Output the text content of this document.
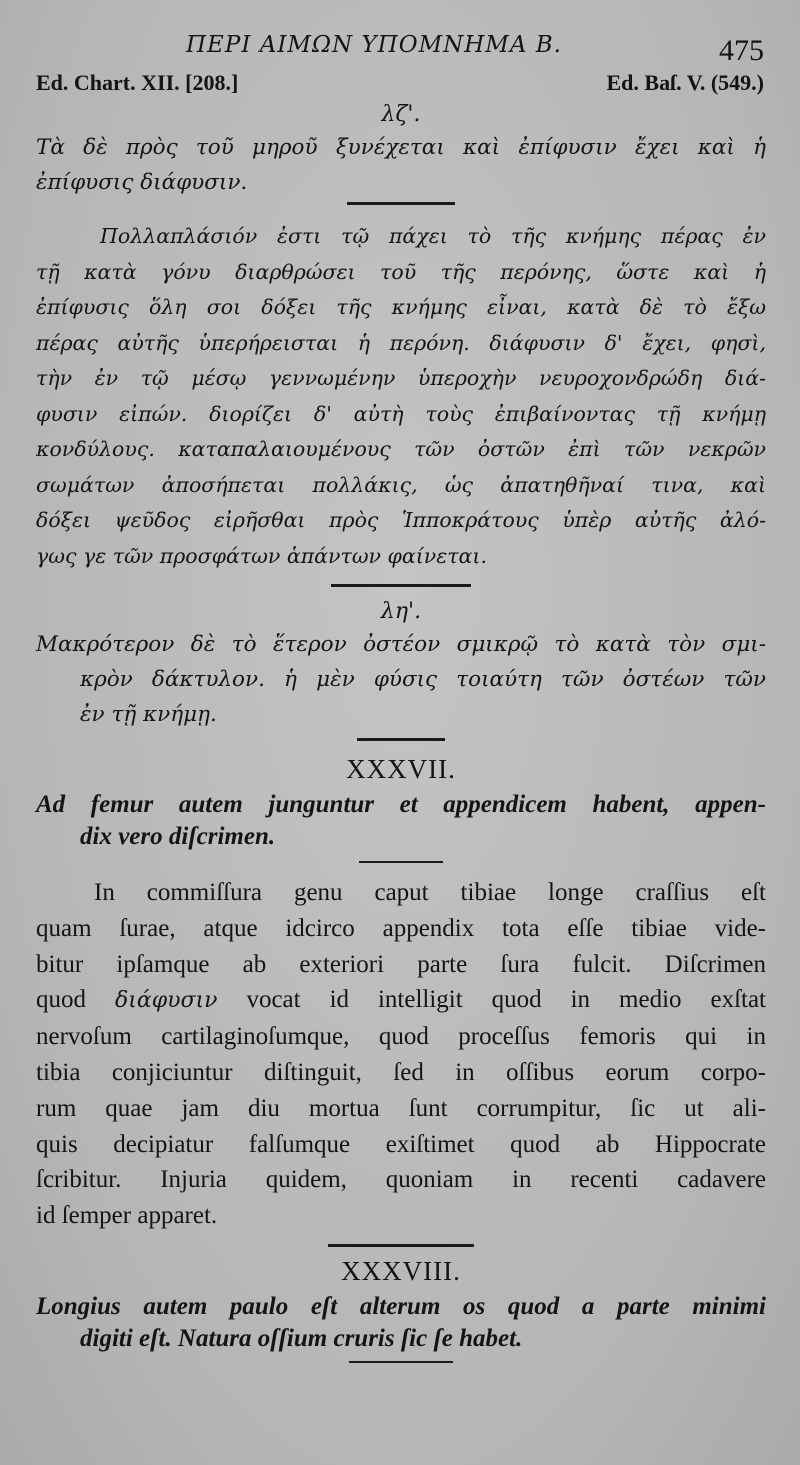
ΠΕΡΙ ΑΙΜΩΝ ΥΠΟΜΝΗΜΑ Β.	475
Ed. Chart. XII. [208.]	Ed. Baſ. V. (549.)
λζ'.
Τὰ δὲ πρὸς τοῦ μηροῦ ξυνέχεται καὶ ἐπίφυσιν ἔχει καὶ ἡ
ἐπίφυσις διάφυσιν.
Πολλαπλάσιόν ἐστι τῷ πάχει τὸ τῆς κνήμης πέρας ἐν
τῇ κατὰ γόνυ διαρθρώσει τοῦ τῆς περόνης, ὥστε καὶ ἡ
ἐπίφυσις ὅλη σοι δόξει τῆς κνήμης εἶναι, κατὰ δὲ τὸ ἔξω
πέρας αὐτῆς ὑπερήρεισται ἡ περόνη. διάφυσιν δ' ἔχει, φησὶ,
τὴν ἐν τῷ μέσῳ γεννωμένην ὑπεροχὴν νευροχονδρώδη διά-
φυσιν εἰπών. διορίζει δ' αὐτὴ τοὺς ἐπιβαίνοντας τῇ κνήμῃ
κονδύλους. καταπαλαιουμένους τῶν ὀστῶν ἐπὶ τῶν νεκρῶν
σωμάτων ἀποσήπεται πολλάκις, ὡς ἀπατηθῆναί τινα, καὶ
δόξει ψεῦδος εἰρῆσθαι πρὸς Ἱπποκράτους ὑπὲρ αὐτῆς ἀλό-
γως γε τῶν προσφάτων ἁπάντων φαίνεται.
λη'.
Μακρότερον δὲ τὸ ἕτερον ὀστέον σμικρῷ τὸ κατὰ τὸν σμι-
κρὸν δάκτυλον. ἡ μὲν φύσις τοιαύτη τῶν ὀστέων τῶν
ἐν τῇ κνήμῃ.
XXXVII.
Ad femur autem junguntur et appendicem habent, appen-
dix vero diſcrimen.
In commiſſura genu caput tibiae longe craſſius eſt
quam ſurae, atque idcirco appendix tota eſſe tibiae vide-
bitur ipſamque ab exteriori parte ſura fulcit. Diſcrimen
quod διάφυσιν vocat id intelligit quod in medio exſtat
nervoſum cartilaginoſumque, quod proceſſus femoris qui in
tibia conjiciuntur diſtinguit, ſed in oſſibus eorum corpo-
rum quae jam diu mortua ſunt corrumpitur, ſic ut ali-
quis decipiatur falſumque exiſtimet quod ab Hippocrate
ſcribitur. Injuria quidem, quoniam in recenti cadavere
id ſemper apparet.
XXXVIII.
Longius autem paulo eſt alterum os quod a parte minimi
digiti eſt. Natura oſſium cruris ſic ſe habet.
